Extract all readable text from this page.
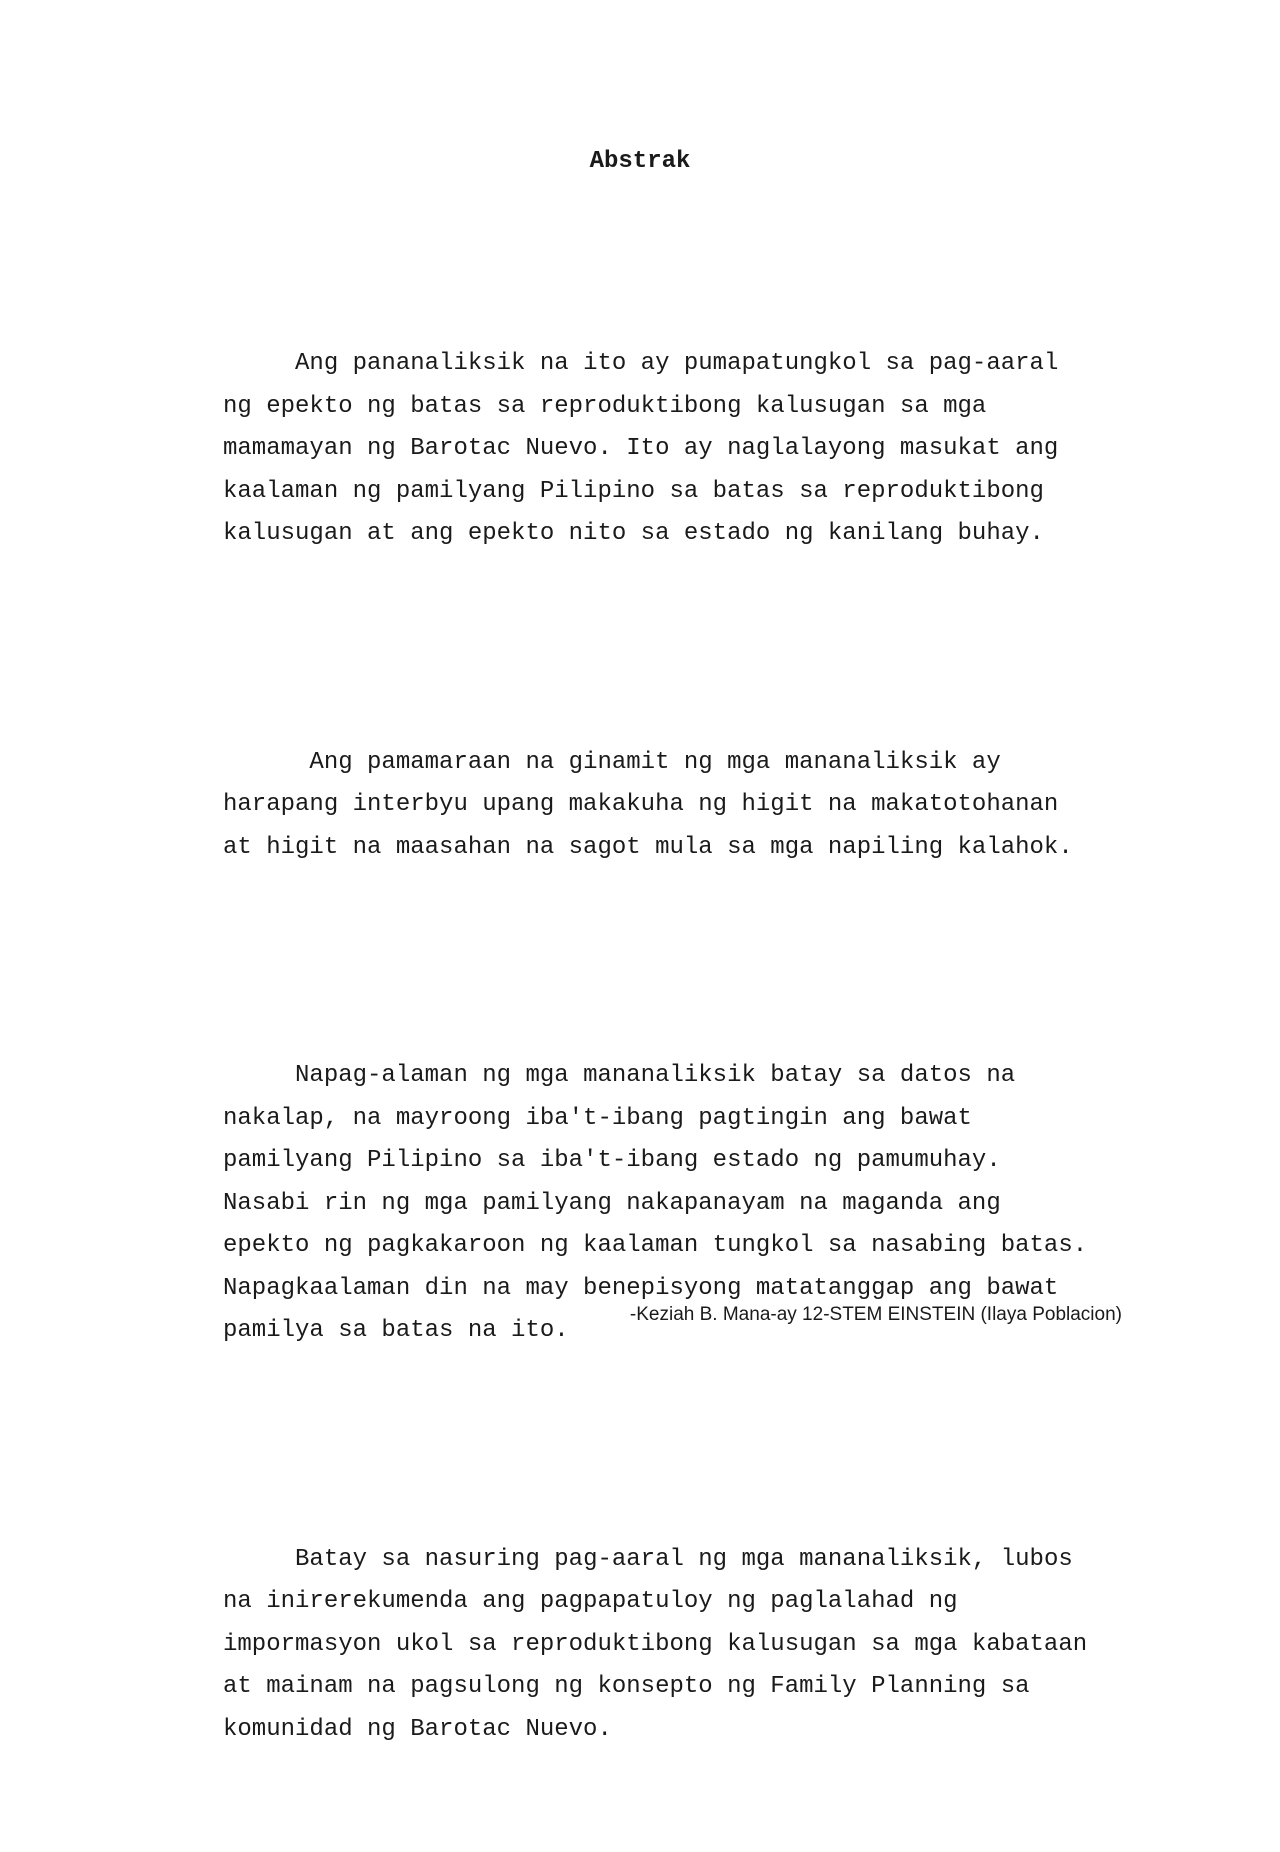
Abstrak

Ang pananaliksik na ito ay pumapatungkol sa pag-aaral
ng epekto ng batas sa reproduktibong kalusugan sa mga
mamamayan ng Barotac Nuevo. Ito ay naglalayong masukat ang
kaalaman ng pamilyang Pilipino sa batas sa reproduktibong
kalusugan at ang epekto nito sa estado ng kanilang buhay.

Ang pamamaraan na ginamit ng mga mananaliksik ay
harapang interbyu upang makakuha ng higit na makatotohanan
at higit na maasahan na sagot mula sa mga napiling kalahok.

Napag-alaman ng mga mananaliksik batay sa datos na
nakalap, na mayroong iba't-ibang pagtingin ang bawat
pamilyang Pilipino sa iba't-ibang estado ng pamumuhay.
Nasabi rin ng mga pamilyang nakapanayam na maganda ang
epekto ng pagkakaroon ng kaalaman tungkol sa nasabing batas.
Napagkaalaman din na may benepisyong matatanggap ang bawat
pamilya sa batas na ito.

Batay sa nasuring pag-aaral ng mga mananaliksik, lubos
na inirerekumenda ang pagpapatuloy ng paglalahad ng
impormasyon ukol sa reproduktibong kalusugan sa mga kabataan
at mainam na pagsulong ng konsepto ng Family Planning sa
komunidad ng Barotac Nuevo.

-Keziah B. Mana-ay 12-STEM EINSTEIN (Ilaya Poblacion)
